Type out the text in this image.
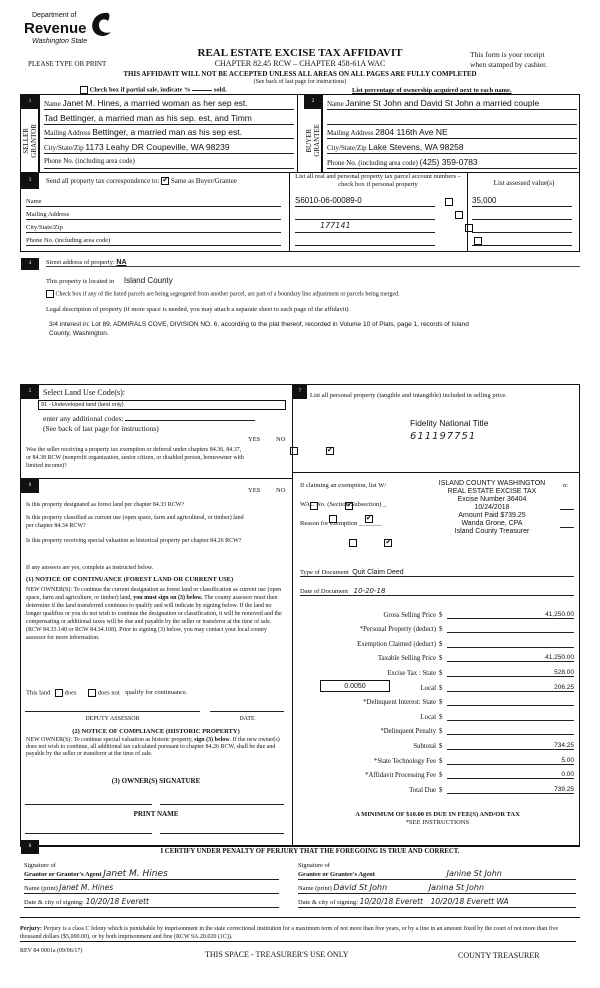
Department of
Revenue
Washington State
PLEASE TYPE OR PRINT
REAL ESTATE EXCISE TAX AFFIDAVIT
CHAPTER 82.45 RCW – CHAPTER 458-61A WAC
This form is your receipt
when stamped by cashier.
THIS AFFIDAVIT WILL NOT BE ACCEPTED UNLESS ALL AREAS ON ALL PAGES ARE FULLY COMPLETED
(See back of last page for instructions)
Check box if partial sale, indicate %	sold.	List percentage of ownership acquired next to each name.
1
SELLER
GRANTOR
Name Janet M. Hines, a married woman as her sep est.
Tad Bettinger, a married man as his sep. est, and Timm
Mailing Address Bettinger, a married man as his sep est.
City/State/Zip 1173 Leahy DR Coupeville, WA 98239
Phone No. (including area code)
2
BUYER
GRANTEE
Name Janine St John and David St John a married couple
Mailing Address 2804 116th Ave NE
City/State/Zip Lake Stevens, WA 98258
Phone No. (including area code) (425) 359-0783
3	Send all property tax correspondence to: ✓ Same as Buyer/Grantee
List all real and personal property tax parcel account numbers – check box if personal property	List assessed value(s)
Name
Mailing Address
City/State/Zip
Phone No. (including area code)
S6010-06-00089-0
	35,000

177141

4	Street address of property: NA
This property is located in Island County
Check box if any of the listed parcels are being segregated from another parcel, are part of a boundary line adjustment or parcels being merged.
Legal description of property (if more space is needed, you may attach a separate sheet to each page of the affidavit)
3/4 interest in: Lot 89, ADMIRALS COVE, DIVISION NO. 6, according to the plat thereof, recorded in Volume 10 of Plats, page 1, records of Island County, Washington.
5	Select Land Use Code(s):
91 - Undeveloped land (land only)
enter any additional codes:
(See back of last page for instructions)
YES NO
Was the seller receiving a property tax exemption or deferral under chapters 84.36, 84.37, or 84.38 RCW (nonprofit organization, senior citizen, or disabled person, homeowner with limited income)?
✓
6
YES NO
Is this property designated as forest land per chapter 84.33 RCW?
✓
Is this property classified as current use (open space, farm and agricultural, or timber) land per chapter 84.34 RCW?
✓
Is this property receiving special valuation as historical property per chapter 84.26 RCW?
✓
If any answers are yes, complete as instructed below.
(1) NOTICE OF CONTINUANCE (FOREST LAND OR CURRENT USE)
NEW OWNER(S): To continue the current designation as forest land or classification as current use (open space, farm and agriculture, or timber) land, you must sign on (3) below. The county assessor must then determine if the land transferred continues to qualify and will indicate by signing below. If the land no longer qualifies or you do not wish to continue the designation or classification, it will be removed and the compensating or additional taxes will be due and payable by the seller or transferor at the time of sale. (RCW 84.33.140 or RCW 84.34.108). Prior to signing (3) below, you may contact your local county assessor for more information.
This land does	does not qualify for continuance.
DEPUTY ASSESSOR	DATE
(2) NOTICE OF COMPLIANCE (HISTORIC PROPERTY)
NEW OWNER(S): To continue special valuation as historic property, sign (3) below. If the new owner(s) does not wish to continue, all additional tax calculated pursuant to chapter 84.26 RCW, shall be due and payable by the seller or transferor at the time of sale.
(3) OWNER(S) SIGNATURE
PRINT NAME
7
List all personal property (tangible and intangible) included in selling price.
Fidelity National Title
611197751
If claiming an exemption, list W/	n:
WAC No. (Section/Subsection) _
Reason for exemption _______
ISLAND COUNTY WASHINGTON
REAL ESTATE EXCISE TAX
Excise Number 36404
10/24/2018
Amount Paid $739.25
Wanda Grone, CPA
Island County Treasurer
Type of Document Quit Claim Deed
Date of Document 10-20-18
Gross Selling Price $	41,250.00
*Personal Property (deduct) $
Exemption Claimed (deduct) $
Taxable Selling Price $	41,250.00
Excise Tax : State $	528.00
0.0050	Local $	206.25
*Delinquent Interest: State $
Local $
*Delinquent Penalty $
Subtotal $	734.25
*State Technology Fee $	5.00
*Affidavit Processing Fee $	0.00
Total Due $	739.25
A MINIMUM OF $10.00 IS DUE IN FEE(S) AND/OR TAX
*SEE INSTRUCTIONS
8
I CERTIFY UNDER PENALTY OF PERJURY THAT THE FOREGOING IS TRUE AND CORRECT.
Signature of
Grantor or Grantor's Agent Janet M. Hines
Name (print) Janet M. Hines
Date & city of signing: 10/20/18 Everett
Signature of
Grantee or Grantee's Agent	Janine St John
Name (print) David St John	Janina St John
Date & city of signing: 10/20/18 Everett 10/20/18 Everett WA
Perjury: Perjury is a class C felony which is punishable by imprisonment in the state correctional institution for a maximum term of not more than five years, or by a fine in an amount fixed by the court of not more than five thousand dollars ($5,000.00), or by both imprisonment and fine (RCW 9A.20.020 (1C)).
REV 84 0001a (09/06/17)	THIS SPACE - TREASURER'S USE ONLY	COUNTY TREASURER
